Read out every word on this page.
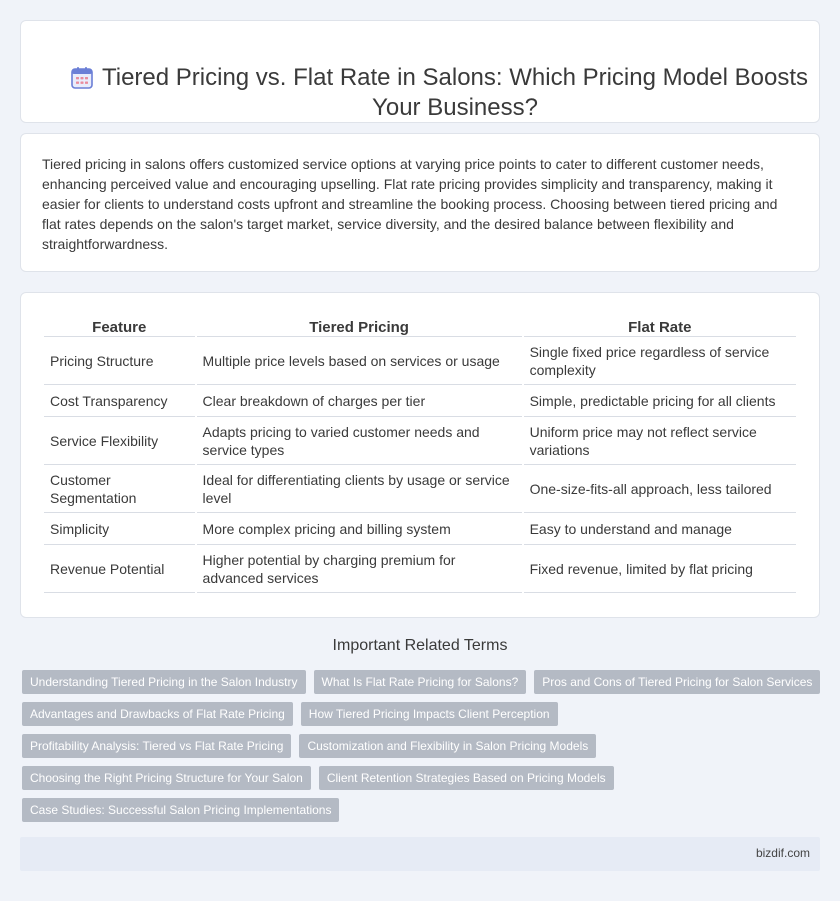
Tiered Pricing vs. Flat Rate in Salons: Which Pricing Model Boosts Your Business?

Tiered pricing in salons offers customized service options at varying price points to cater to different customer needs, enhancing perceived value and encouraging upselling. Flat rate pricing provides simplicity and transparency, making it easier for clients to understand costs upfront and streamline the booking process. Choosing between tiered pricing and flat rates depends on the salon's target market, service diversity, and the desired balance between flexibility and straightforwardness.

Feature	Tiered Pricing	Flat Rate
Pricing Structure	Multiple price levels based on services or usage	Single fixed price regardless of service complexity
Cost Transparency	Clear breakdown of charges per tier	Simple, predictable pricing for all clients
Service Flexibility	Adapts pricing to varied customer needs and service types	Uniform price may not reflect service variations
Customer Segmentation	Ideal for differentiating clients by usage or service level	One-size-fits-all approach, less tailored
Simplicity	More complex pricing and billing system	Easy to understand and manage
Revenue Potential	Higher potential by charging premium for advanced services	Fixed revenue, limited by flat pricing
Important Related Terms
Understanding Tiered Pricing in the Salon Industry	What Is Flat Rate Pricing for Salons?	Pros and Cons of Tiered Pricing for Salon Services
Advantages and Drawbacks of Flat Rate Pricing	How Tiered Pricing Impacts Client Perception
Profitability Analysis: Tiered vs Flat Rate Pricing	Customization and Flexibility in Salon Pricing Models
Choosing the Right Pricing Structure for Your Salon	Client Retention Strategies Based on Pricing Models
Case Studies: Successful Salon Pricing Implementations
bizdif.com
